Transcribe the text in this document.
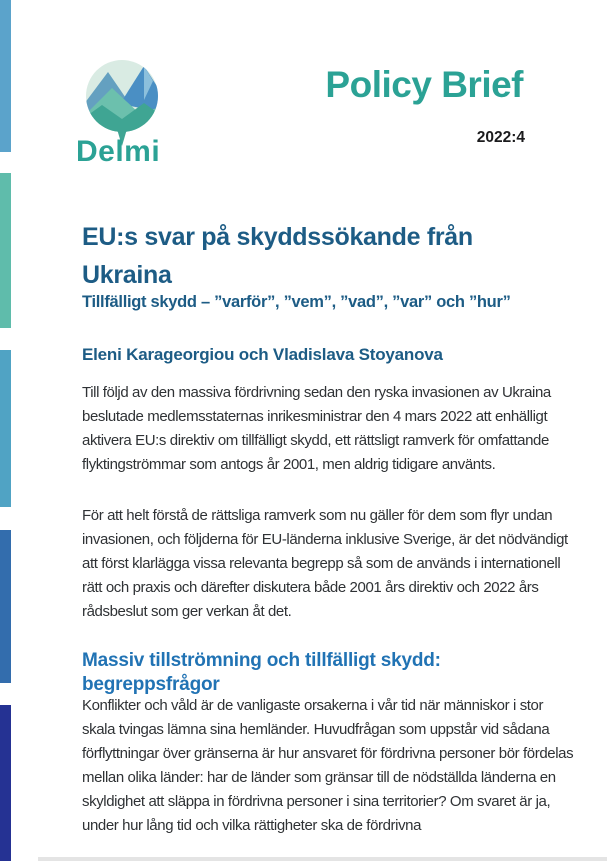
Delmi
Policy Brief
2022:4
EU:s svar på skyddssökande från Ukraina
Tillfälligt skydd – ”varför”, ”vem”, ”vad”, ”var” och ”hur”
Eleni Karageorgiou och Vladislava Stoyanova

Till följd av den massiva fördrivning sedan den ryska invasionen av Ukraina beslutade medlemsstaternas inrikesministrar den 4 mars 2022 att enhälligt aktivera EU:s direktiv om tillfälligt skydd, ett rättsligt ramverk för omfattande flyktingströmmar som antogs år 2001, men aldrig tidigare använts.

För att helt förstå de rättsliga ramverk som nu gäller för dem som flyr undan invasionen, och följderna för EU-länderna inklusive Sverige, är det nödvändigt att först klarlägga vissa relevanta begrepp så som de används i internationell rätt och praxis och därefter diskutera både 2001 års direktiv och 2022 års rådsbeslut som ger verkan åt det.

Massiv tillströmning och tillfälligt skydd: begreppsfrågor

Konflikter och våld är de vanligaste orsakerna i vår tid när människor i stor skala tvingas lämna sina hemländer. Huvudfrågan som uppstår vid sådana förflyttningar över gränserna är hur ansvaret för fördrivna personer bör fördelas mellan olika länder: har de länder som gränsar till de nödställda länderna en skyldighet att släppa in fördrivna personer i sina territorier? Om svaret är ja, under hur lång tid och vilka rättigheter ska de fördrivna
